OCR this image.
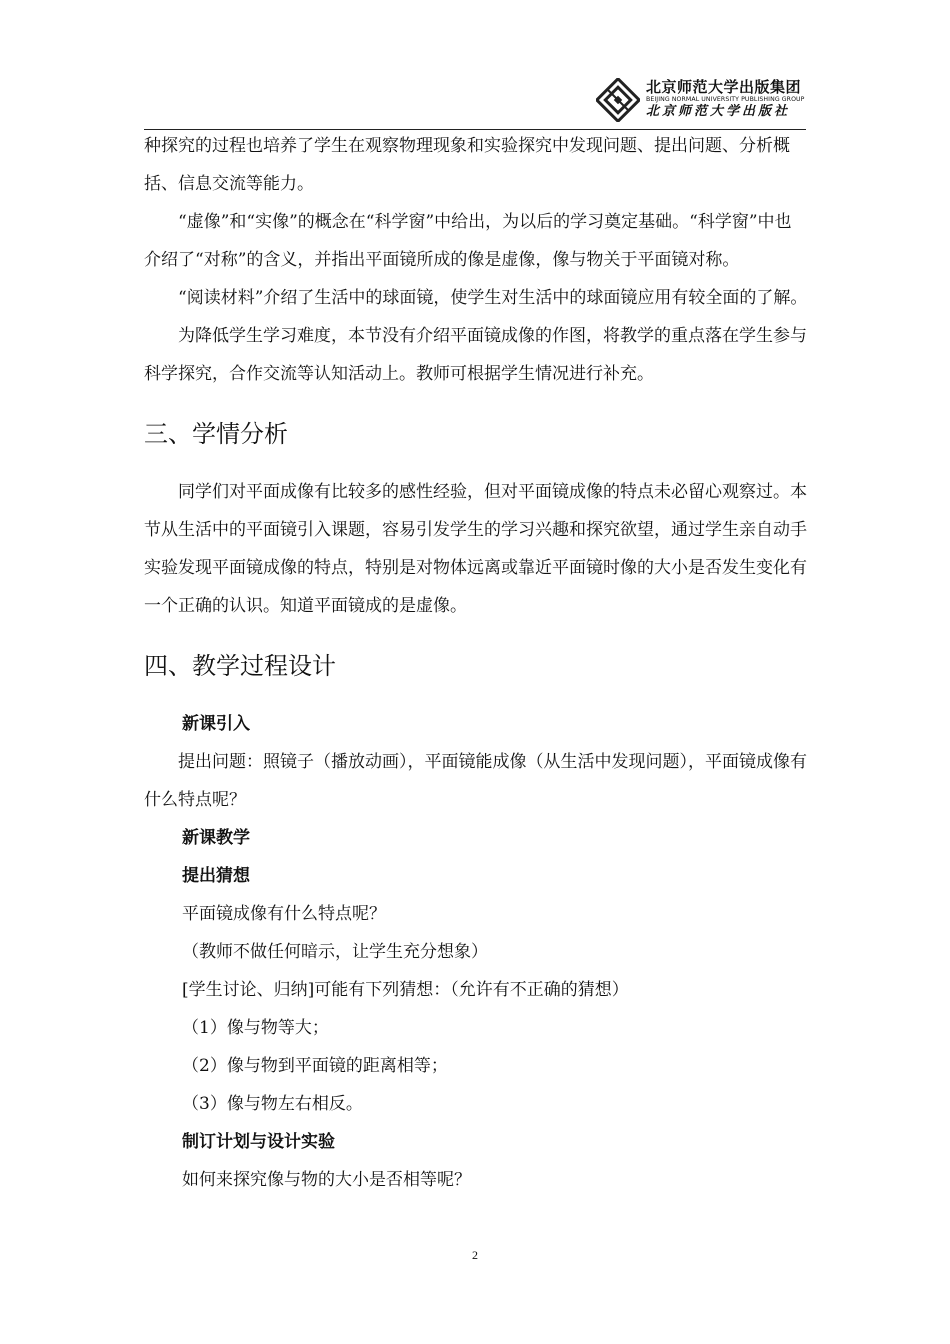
北京师范大学出版集团
BEIJING NORMAL UNIVERSITY PUBLISHING GROUP
北京师范大学出版社

种探究的过程也培养了学生在观察物理现象和实验探究中发现问题、提出问题、分析概括、信息交流等能力。

“虚像”和“实像”的概念在“科学窗”中给出，为以后的学习奠定基础。“科学窗”中也介绍了“对称”的含义，并指出平面镜所成的像是虚像，像与物关于平面镜对称。

“阅读材料”介绍了生活中的球面镜，使学生对生活中的球面镜应用有较全面的了解。

为降低学生学习难度，本节没有介绍平面镜成像的作图，将教学的重点落在学生参与科学探究，合作交流等认知活动上。教师可根据学生情况进行补充。

三、学情分析

同学们对平面成像有比较多的感性经验，但对平面镜成像的特点未必留心观察过。本节从生活中的平面镜引入课题，容易引发学生的学习兴趣和探究欲望，通过学生亲自动手实验发现平面镜成像的特点，特别是对物体远离或靠近平面镜时像的大小是否发生变化有一个正确的认识。知道平面镜成的是虚像。

四、教学过程设计

新课引入

提出问题：照镜子（播放动画），平面镜能成像（从生活中发现问题），平面镜成像有什么特点呢？

新课教学

提出猜想

平面镜成像有什么特点呢？

（教师不做任何暗示，让学生充分想象）

[学生讨论、归纳]可能有下列猜想：（允许有不正确的猜想）

（1）像与物等大；

（2）像与物到平面镜的距离相等；

（3）像与物左右相反。

制订计划与设计实验

如何来探究像与物的大小是否相等呢？

2
